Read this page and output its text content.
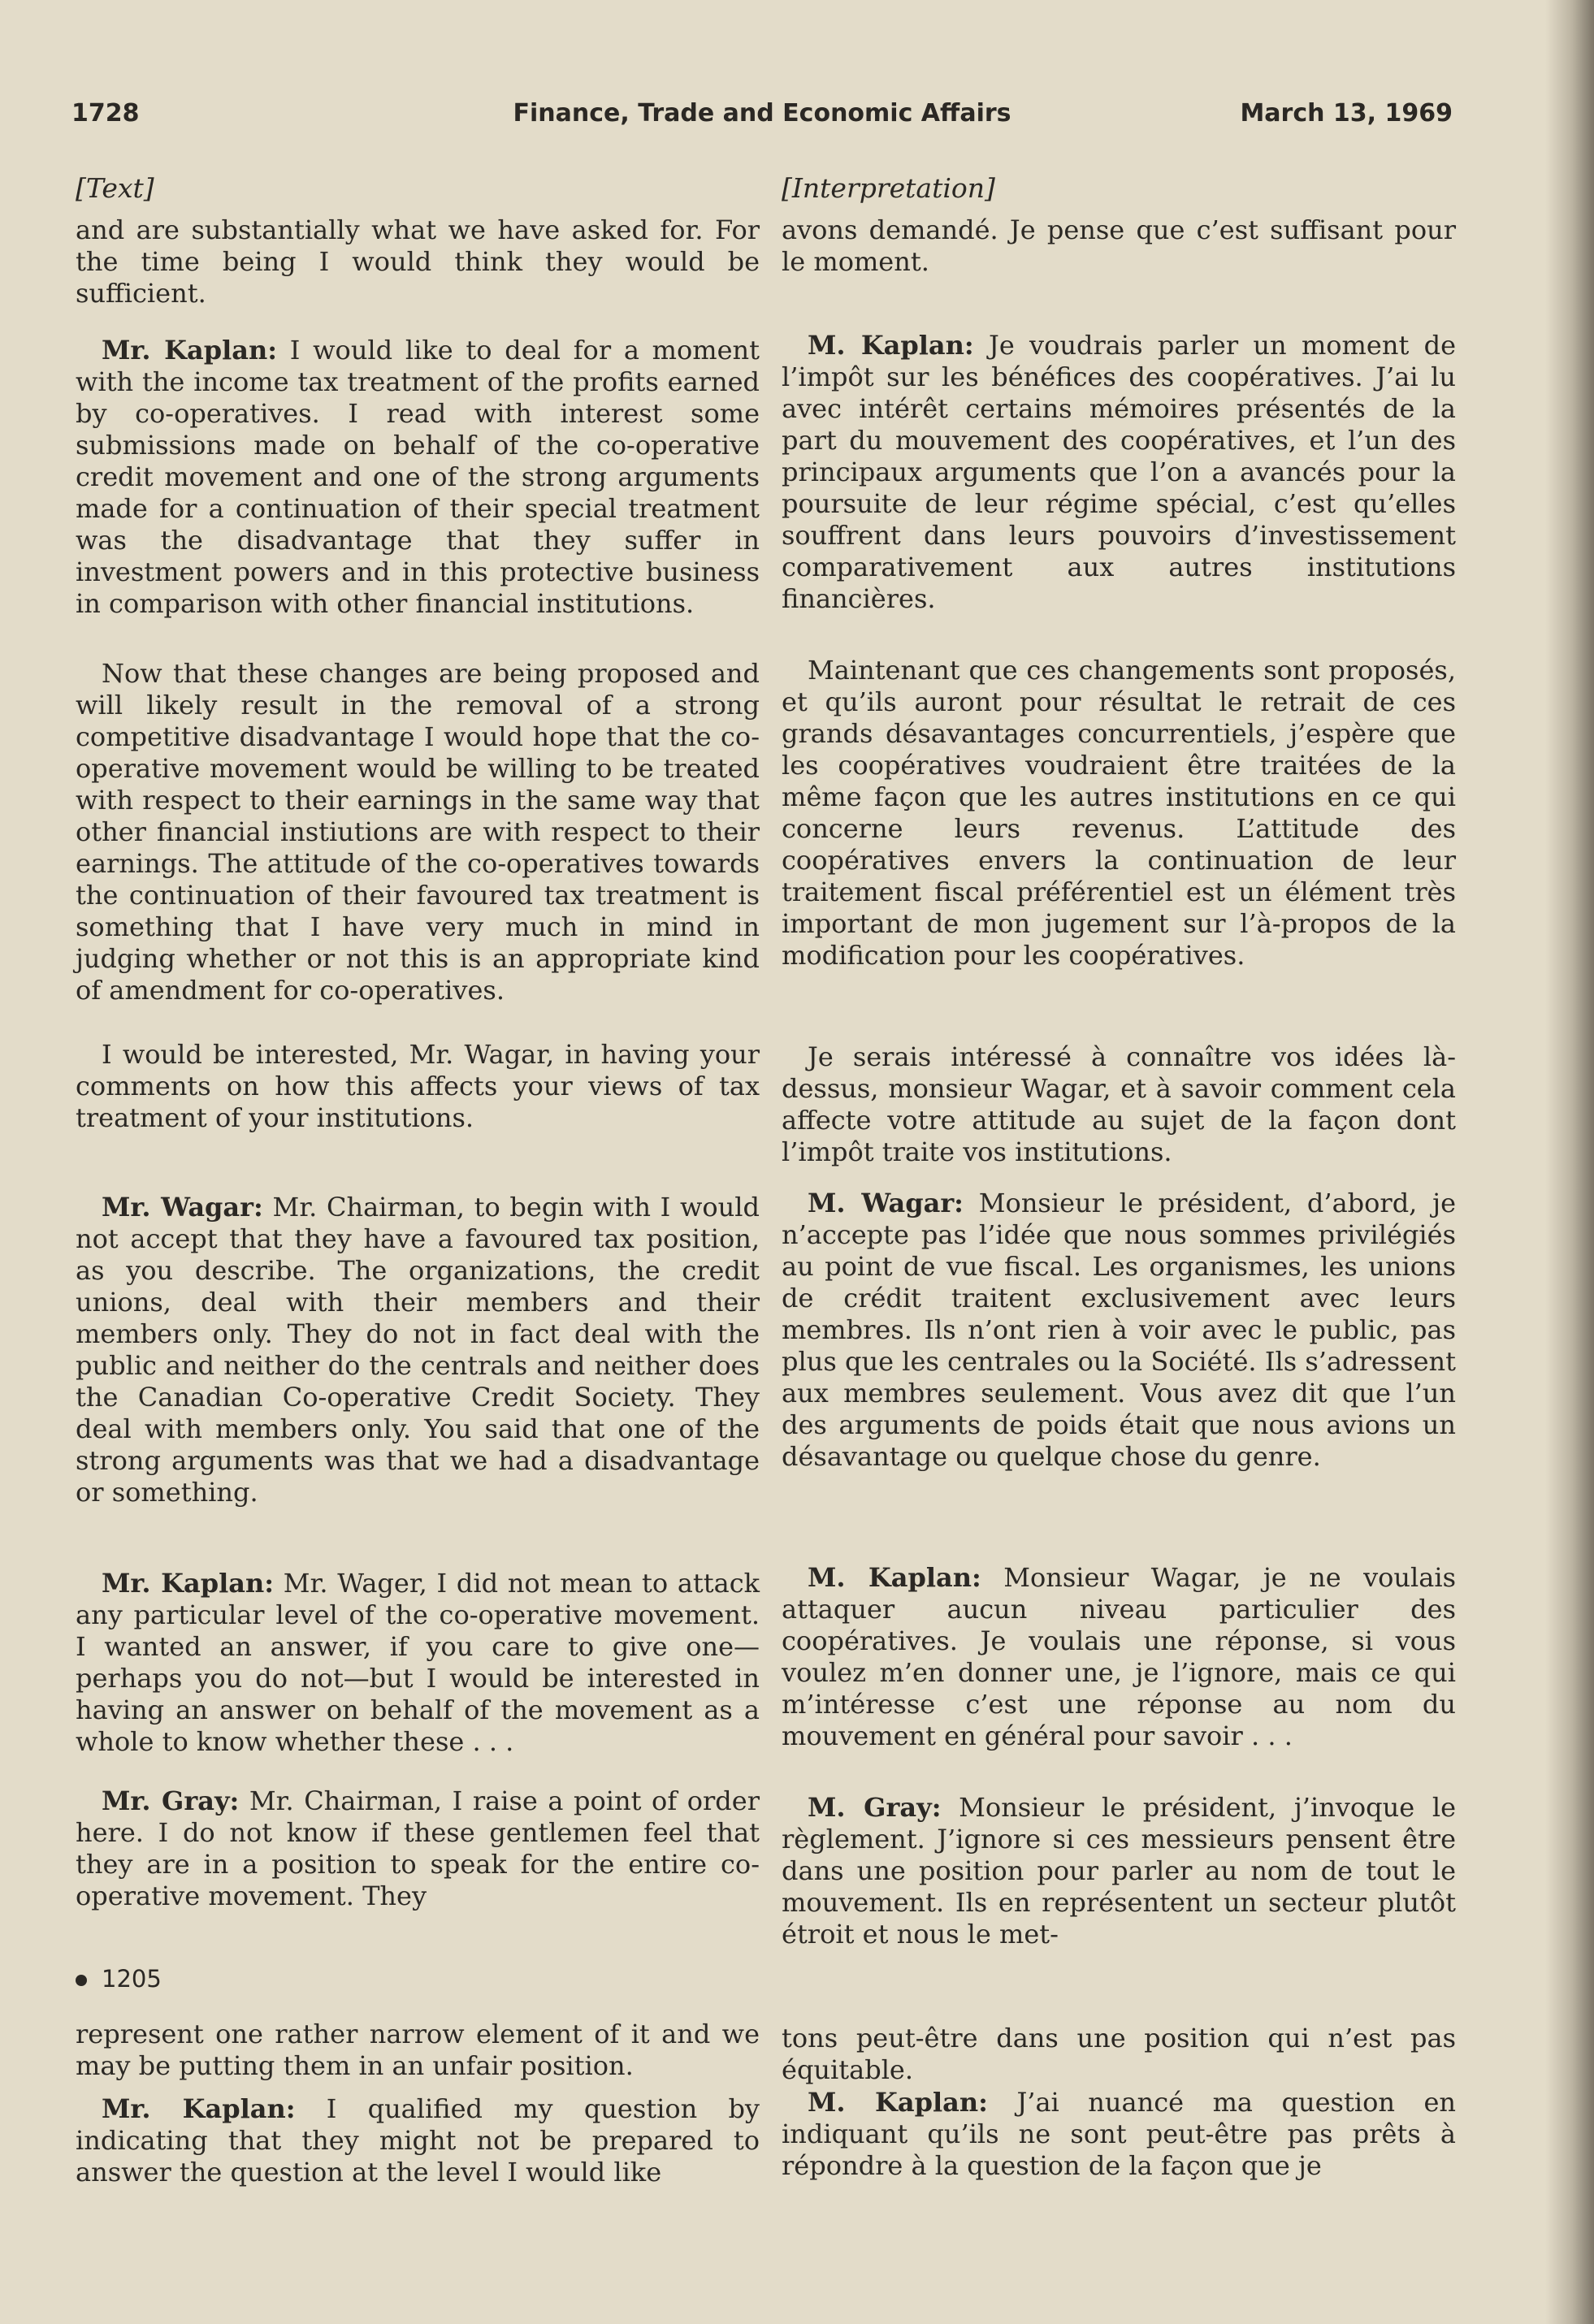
1728	Finance, Trade and Economic Affairs	March 13, 1969
[Text]

and are substantially what we have asked for. For the time being I would think they would be sufficient.

Mr. Kaplan: I would like to deal for a moment with the income tax treatment of the profits earned by co-operatives. I read with interest some submissions made on behalf of the co-operative credit movement and one of the strong arguments made for a continuation of their special treatment was the disadvantage that they suffer in investment powers and in this protective business in comparison with other financial institutions.

Now that these changes are being proposed and will likely result in the removal of a strong competitive disadvantage I would hope that the co-operative movement would be willing to be treated with respect to their earnings in the same way that other financial instiutions are with respect to their earnings. The attitude of the co-operatives towards the continuation of their favoured tax treatment is something that I have very much in mind in judging whether or not this is an appropriate kind of amendment for co-operatives.

I would be interested, Mr. Wagar, in having your comments on how this affects your views of tax treatment of your institutions.

Mr. Wagar: Mr. Chairman, to begin with I would not accept that they have a favoured tax position, as you describe. The organizations, the credit unions, deal with their members and their members only. They do not in fact deal with the public and neither do the centrals and neither does the Canadian Co-operative Credit Society. They deal with members only. You said that one of the strong arguments was that we had a disadvantage or something.

Mr. Kaplan: Mr. Wager, I did not mean to attack any particular level of the co-operative movement. I wanted an answer, if you care to give one—perhaps you do not—but I would be interested in having an answer on behalf of the movement as a whole to know whether these . . .

Mr. Gray: Mr. Chairman, I raise a point of order here. I do not know if these gentlemen feel that they are in a position to speak for the entire co-operative movement. They

represent one rather narrow element of it and we may be putting them in an unfair position.

Mr. Kaplan: I qualified my question by indicating that they might not be prepared to answer the question at the level I would like

1205
[Interpretation]

avons demandé. Je pense que c’est suffisant pour le moment.

M. Kaplan: Je voudrais parler un moment de l’impôt sur les bénéfices des coopératives. J’ai lu avec intérêt certains mémoires présentés de la part du mouvement des coopératives, et l’un des principaux arguments que l’on a avancés pour la poursuite de leur régime spécial, c’est qu’elles souffrent dans leurs pouvoirs d’investissement comparativement aux autres institutions financières.

Maintenant que ces changements sont proposés, et qu’ils auront pour résultat le retrait de ces grands désavantages concurrentiels, j’espère que les coopératives voudraient être traitées de la même façon que les autres institutions en ce qui concerne leurs revenus. L’attitude des coopératives envers la continuation de leur traitement fiscal préférentiel est un élément très important de mon jugement sur l’à-propos de la modification pour les coopératives.

Je serais intéressé à connaître vos idées là-dessus, monsieur Wagar, et à savoir comment cela affecte votre attitude au sujet de la façon dont l’impôt traite vos institutions.

M. Wagar: Monsieur le président, d’abord, je n’accepte pas l’idée que nous sommes privilégiés au point de vue fiscal. Les organismes, les unions de crédit traitent exclusivement avec leurs membres. Ils n’ont rien à voir avec le public, pas plus que les centrales ou la Société. Ils s’adressent aux membres seulement. Vous avez dit que l’un des arguments de poids était que nous avions un désavantage ou quelque chose du genre.

M. Kaplan: Monsieur Wagar, je ne voulais attaquer aucun niveau particulier des coopératives. Je voulais une réponse, si vous voulez m’en donner une, je l’ignore, mais ce qui m’intéresse c’est une réponse au nom du mouvement en général pour savoir . . .

M. Gray: Monsieur le président, j’invoque le règlement. J’ignore si ces messieurs pensent être dans une position pour parler au nom de tout le mouvement. Ils en représentent un secteur plutôt étroit et nous le met-

tons peut-être dans une position qui n’est pas équitable.

M. Kaplan: J’ai nuancé ma question en indiquant qu’ils ne sont peut-être pas prêts à répondre à la question de la façon que je
